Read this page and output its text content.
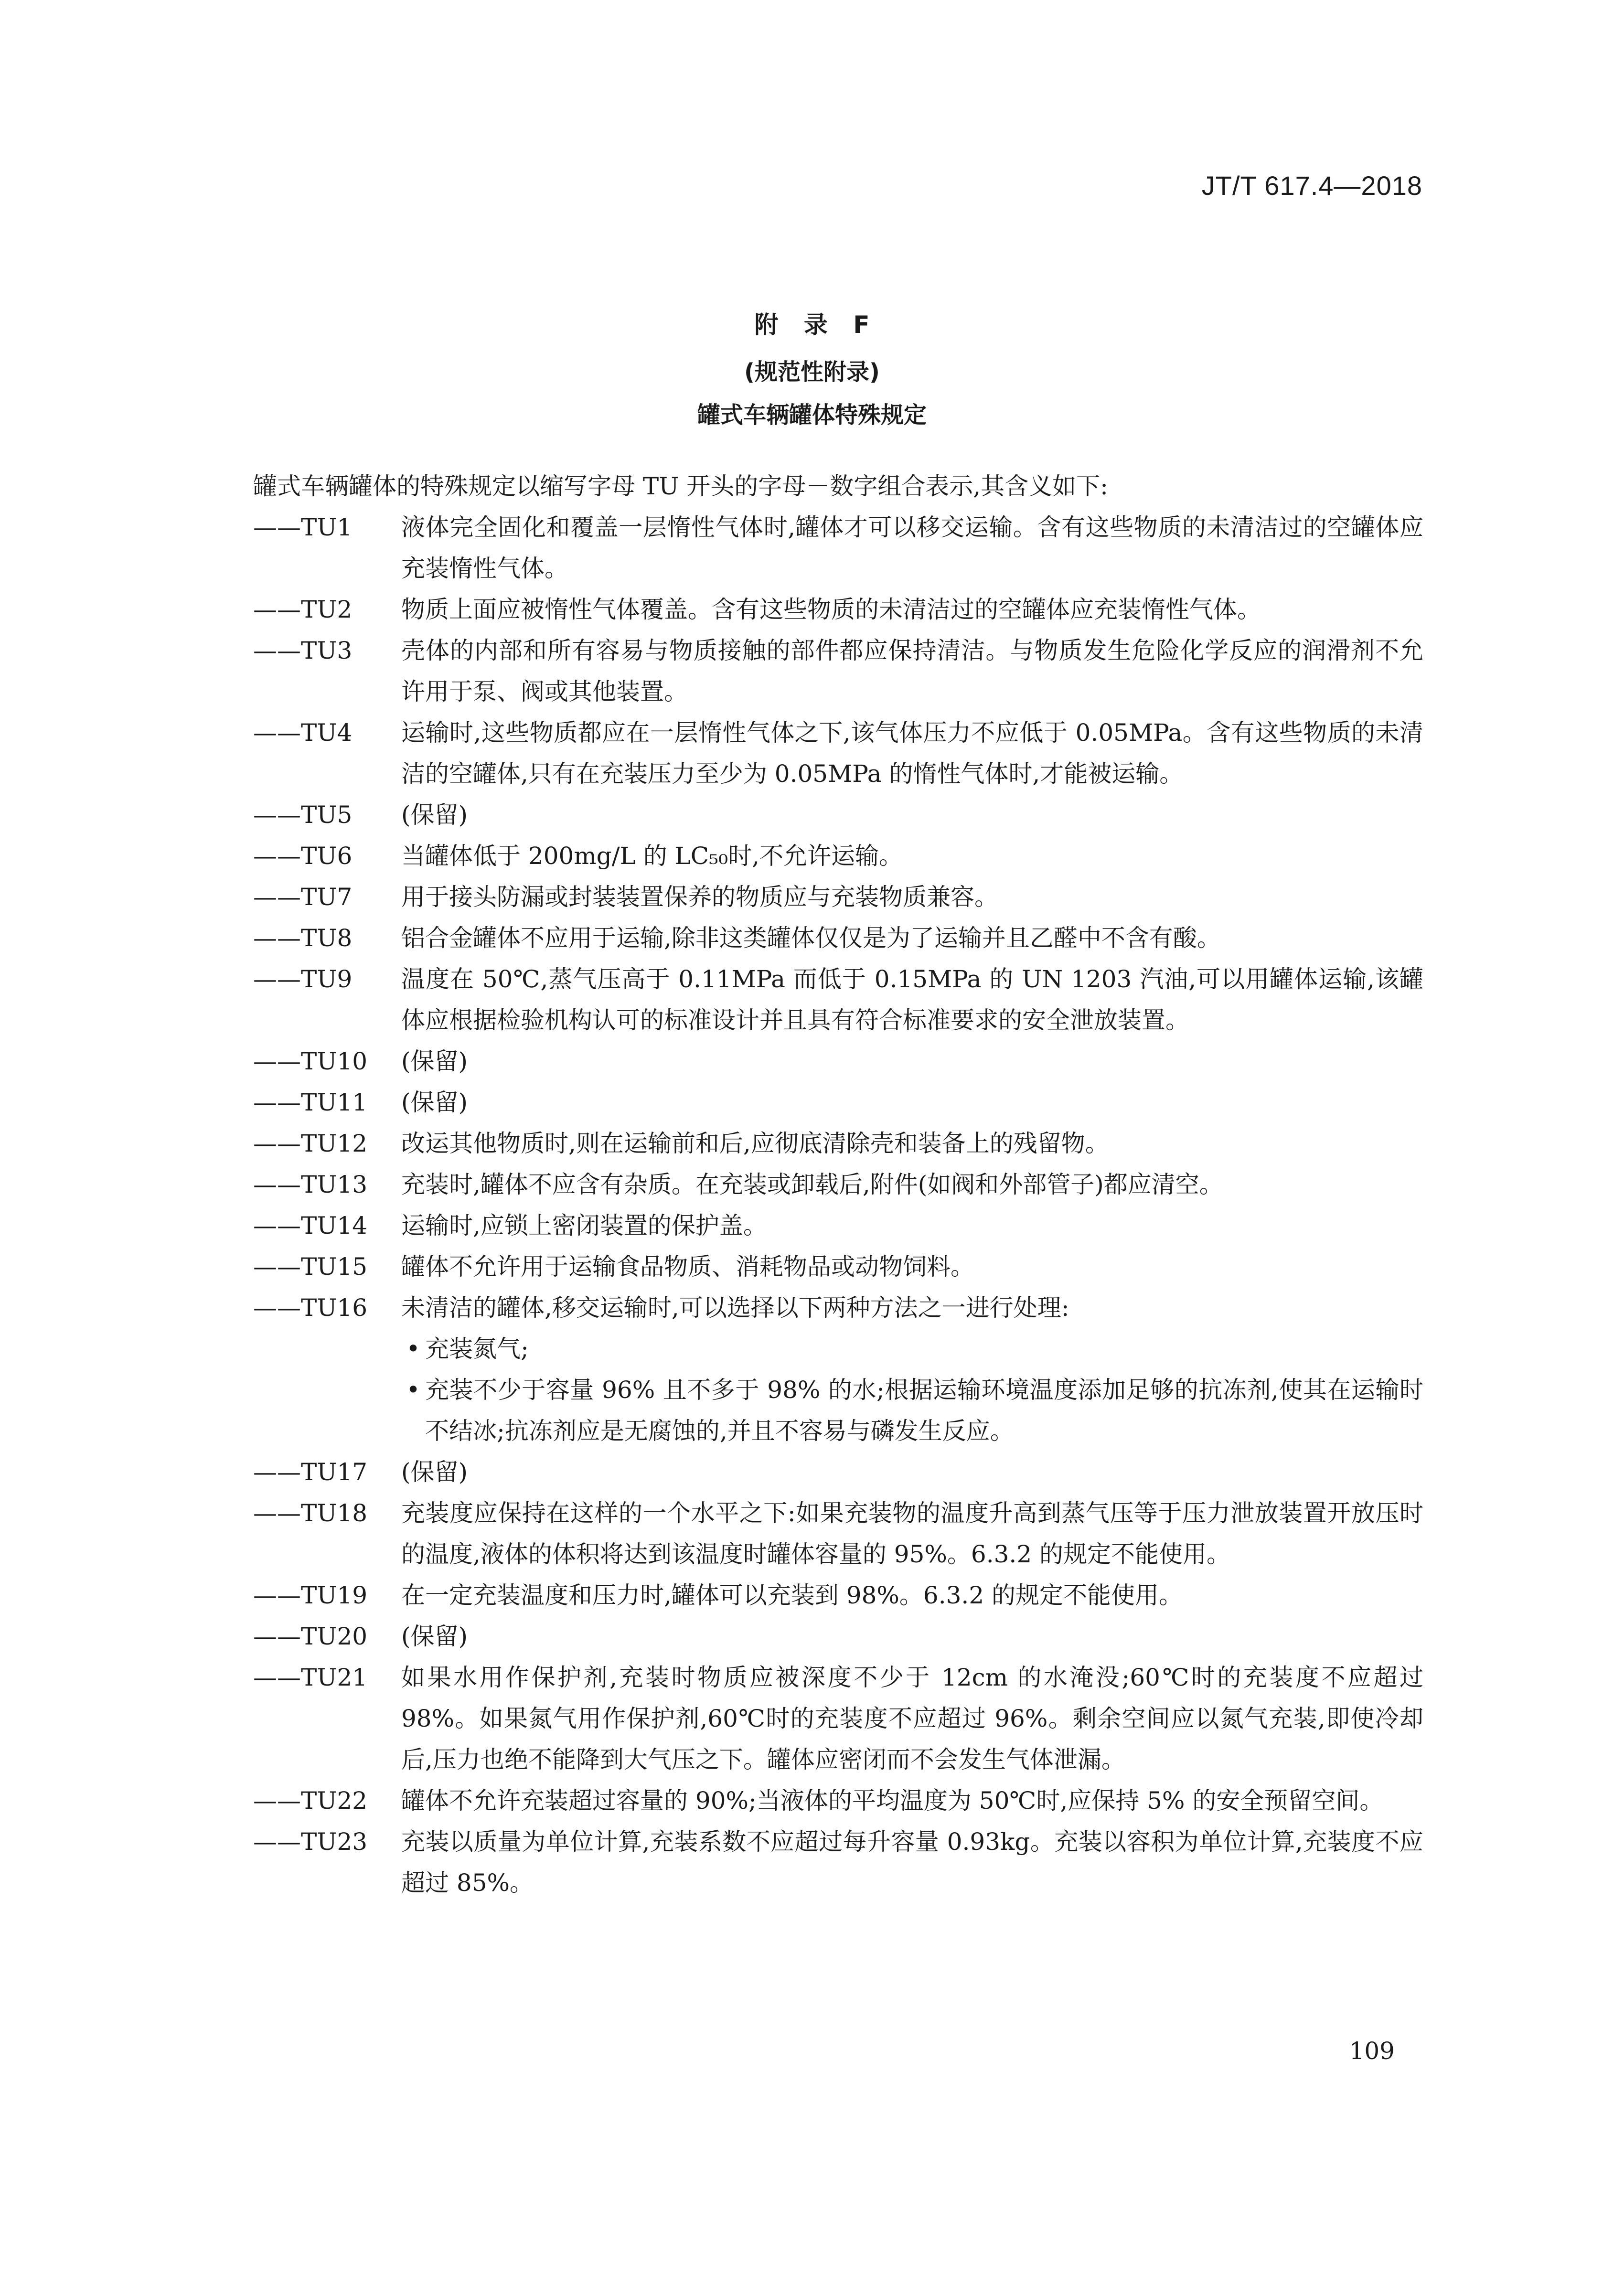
JT/T 617.4—2018
附 录 F
(规范性附录)
罐式车辆罐体特殊规定
罐式车辆罐体的特殊规定以缩写字母 TU 开头的字母－数字组合表示,其含义如下:
——TU1	液体完全固化和覆盖一层惰性气体时,罐体才可以移交运输。含有这些物质的未清洁过的空罐体应充装惰性气体。
——TU2	物质上面应被惰性气体覆盖。含有这些物质的未清洁过的空罐体应充装惰性气体。
——TU3	壳体的内部和所有容易与物质接触的部件都应保持清洁。与物质发生危险化学反应的润滑剂不允许用于泵、阀或其他装置。
——TU4	运输时,这些物质都应在一层惰性气体之下,该气体压力不应低于 0.05MPa。含有这些物质的未清洁的空罐体,只有在充装压力至少为 0.05MPa 的惰性气体时,才能被运输。
——TU5	(保留)
——TU6	当罐体低于 200mg/L 的 LC₅₀时,不允许运输。
——TU7	用于接头防漏或封装装置保养的物质应与充装物质兼容。
——TU8	铝合金罐体不应用于运输,除非这类罐体仅仅是为了运输并且乙醛中不含有酸。
——TU9	温度在 50℃,蒸气压高于 0.11MPa 而低于 0.15MPa 的 UN 1203 汽油,可以用罐体运输,该罐体应根据检验机构认可的标准设计并且具有符合标准要求的安全泄放装置。
——TU10	(保留)
——TU11	(保留)
——TU12	改运其他物质时,则在运输前和后,应彻底清除壳和装备上的残留物。
——TU13	充装时,罐体不应含有杂质。在充装或卸载后,附件(如阀和外部管子)都应清空。
——TU14	运输时,应锁上密闭装置的保护盖。
——TU15	罐体不允许用于运输食品物质、消耗物品或动物饲料。
——TU16	未清洁的罐体,移交运输时,可以选择以下两种方法之一进行处理:
• 充装氮气;
• 充装不少于容量 96% 且不多于 98% 的水;根据运输环境温度添加足够的抗冻剂,使其在运输时不结冰;抗冻剂应是无腐蚀的,并且不容易与磷发生反应。
——TU17	(保留)
——TU18	充装度应保持在这样的一个水平之下:如果充装物的温度升高到蒸气压等于压力泄放装置开放压时的温度,液体的体积将达到该温度时罐体容量的 95%。6.3.2 的规定不能使用。
——TU19	在一定充装温度和压力时,罐体可以充装到 98%。6.3.2 的规定不能使用。
——TU20	(保留)
——TU21	如果水用作保护剂,充装时物质应被深度不少于 12cm 的水淹没;60℃时的充装度不应超过 98%。如果氮气用作保护剂,60℃时的充装度不应超过 96%。剩余空间应以氮气充装,即使冷却后,压力也绝不能降到大气压之下。罐体应密闭而不会发生气体泄漏。
——TU22	罐体不允许充装超过容量的 90%;当液体的平均温度为 50℃时,应保持 5% 的安全预留空间。
——TU23	充装以质量为单位计算,充装系数不应超过每升容量 0.93kg。充装以容积为单位计算,充装度不应超过 85%。
109
